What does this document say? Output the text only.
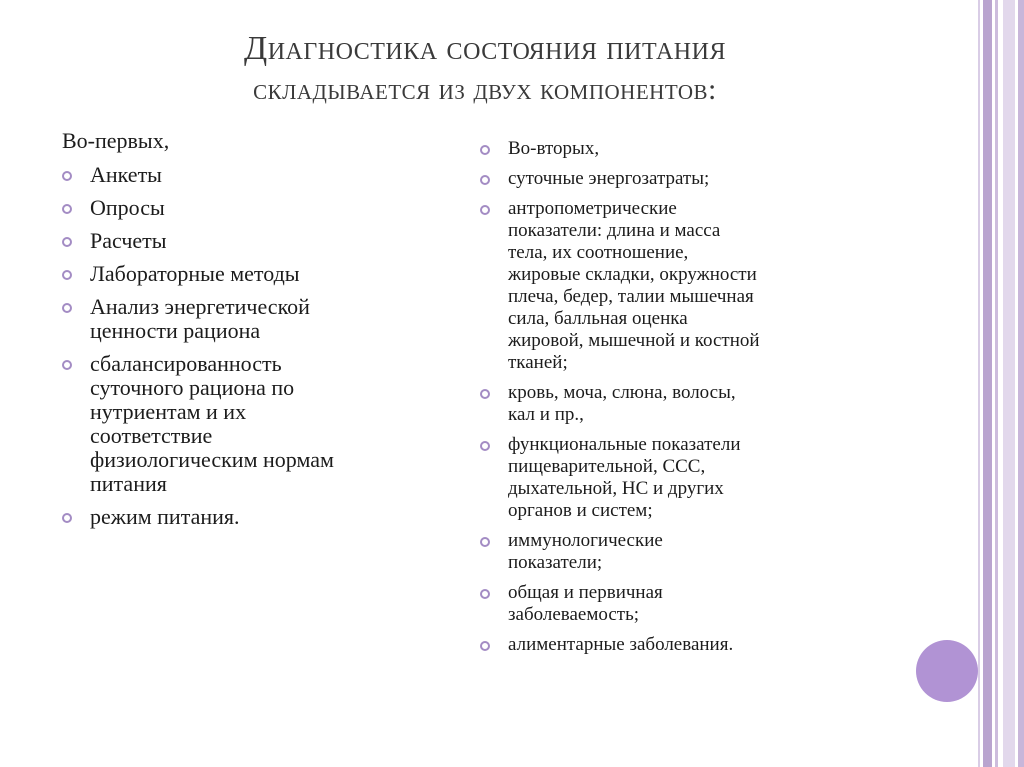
Диагностика состояния питания
складывается из двух компонентов:
Во-первых,
Анкеты
Опросы
Расчеты
Лабораторные методы
Анализ энергетической
ценности рациона
сбалансированность
суточного рациона по
нутриентам и их
соответствие
физиологическим нормам
питания
режим питания.
Во-вторых,
суточные энергозатраты;
антропометрические
показатели: длина и масса
тела, их соотношение,
жировые складки, окружности
плеча, бедер, талии мышечная
сила, балльная оценка
жировой, мышечной и костной
тканей;
кровь, моча, слюна, волосы,
кал и пр.,
функциональные показатели
пищеварительной, ССС,
дыхательной, НС и других
органов и систем;
иммунологические
показатели;
общая и первичная
заболеваемость;
алиментарные заболевания.
